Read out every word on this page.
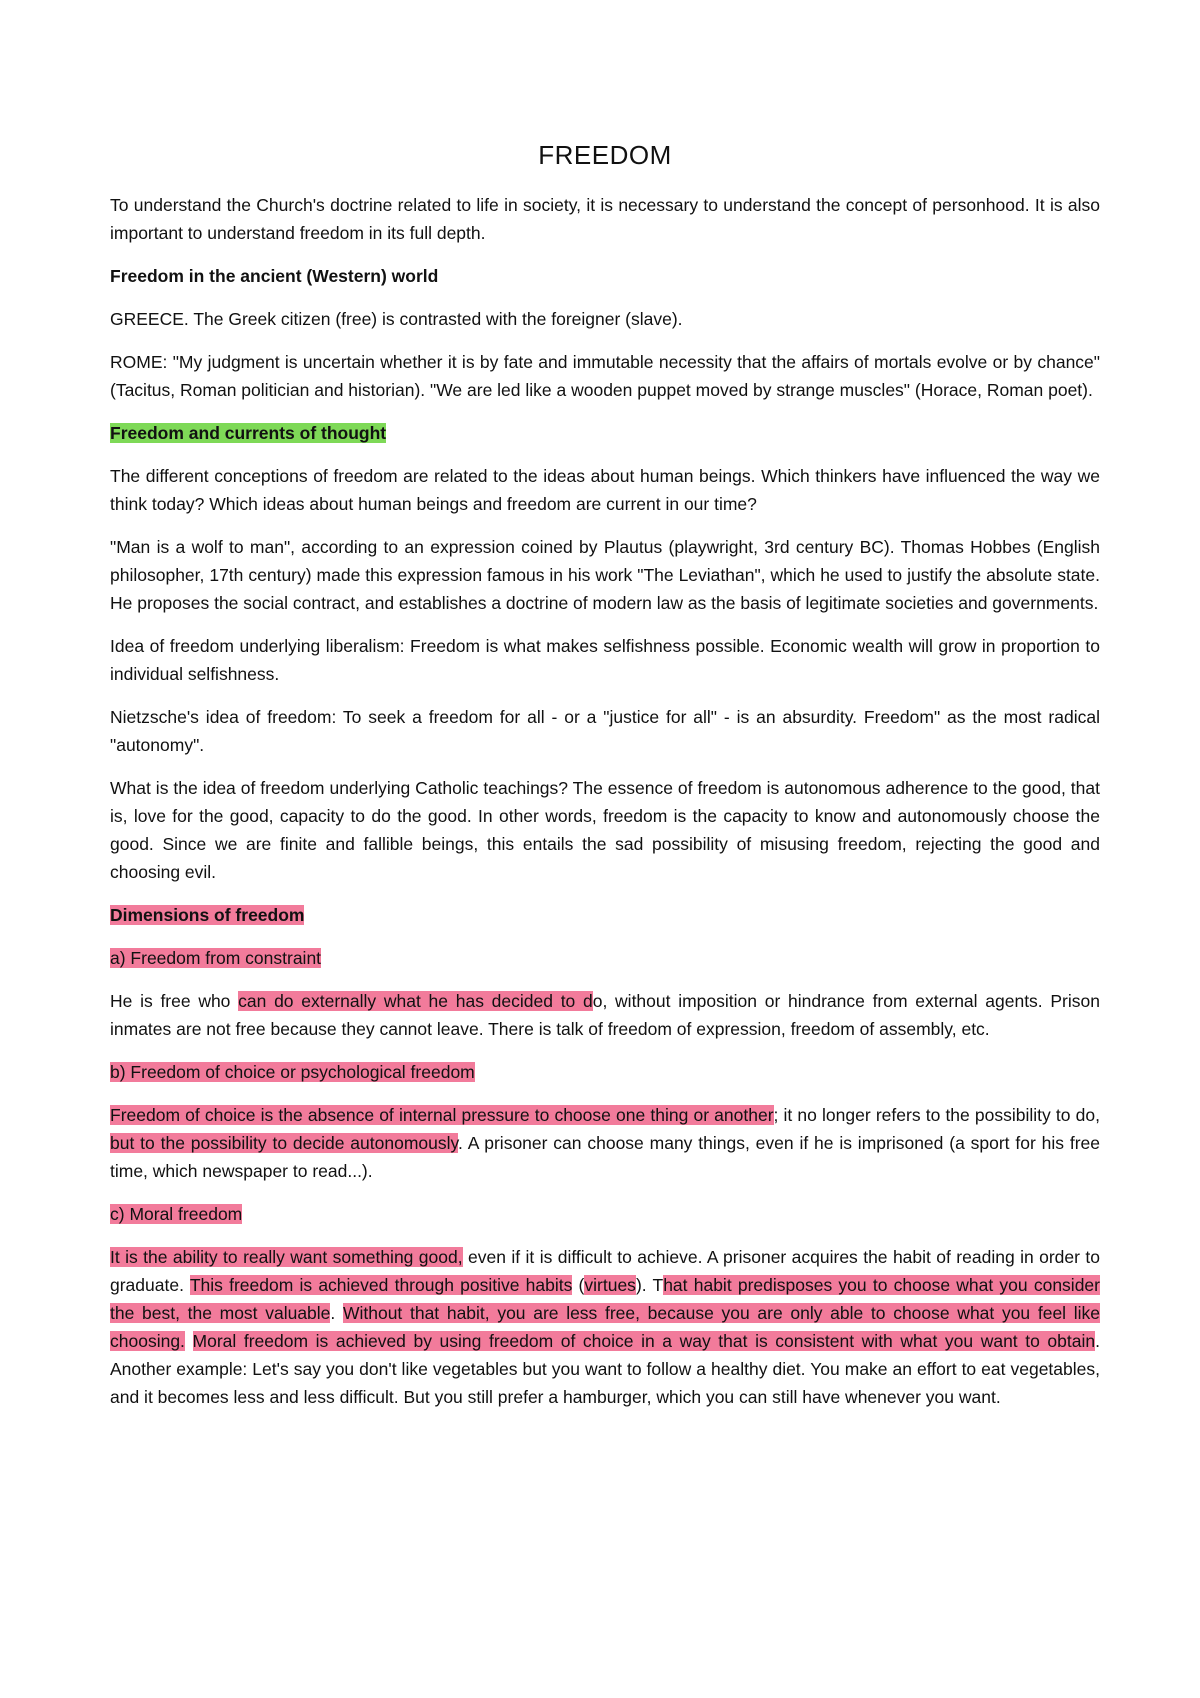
FREEDOM

To understand the Church's doctrine related to life in society, it is necessary to understand the concept of personhood. It is also important to understand freedom in its full depth.

Freedom in the ancient (Western) world

GREECE. The Greek citizen (free) is contrasted with the foreigner (slave).

ROME: "My judgment is uncertain whether it is by fate and immutable necessity that the affairs of mortals evolve or by chance" (Tacitus, Roman politician and historian). "We are led like a wooden puppet moved by strange muscles" (Horace, Roman poet).

Freedom and currents of thought

The different conceptions of freedom are related to the ideas about human beings. Which thinkers have influenced the way we think today? Which ideas about human beings and freedom are current in our time?

"Man is a wolf to man", according to an expression coined by Plautus (playwright, 3rd century BC). Thomas Hobbes (English philosopher, 17th century) made this expression famous in his work "The Leviathan", which he used to justify the absolute state. He proposes the social contract, and establishes a doctrine of modern law as the basis of legitimate societies and governments.

Idea of freedom underlying liberalism: Freedom is what makes selfishness possible. Economic wealth will grow in proportion to individual selfishness.

Nietzsche's idea of freedom: To seek a freedom for all - or a "justice for all" - is an absurdity. Freedom" as the most radical "autonomy".

What is the idea of freedom underlying Catholic teachings? The essence of freedom is autonomous adherence to the good, that is, love for the good, capacity to do the good. In other words, freedom is the capacity to know and autonomously choose the good. Since we are finite and fallible beings, this entails the sad possibility of misusing freedom, rejecting the good and choosing evil.

Dimensions of freedom

a) Freedom from constraint

He is free who can do externally what he has decided to do, without imposition or hindrance from external agents. Prison inmates are not free because they cannot leave. There is talk of freedom of expression, freedom of assembly, etc.

b) Freedom of choice or psychological freedom

Freedom of choice is the absence of internal pressure to choose one thing or another; it no longer refers to the possibility to do, but to the possibility to decide autonomously. A prisoner can choose many things, even if he is imprisoned (a sport for his free time, which newspaper to read...).

c) Moral freedom

It is the ability to really want something good, even if it is difficult to achieve. A prisoner acquires the habit of reading in order to graduate. This freedom is achieved through positive habits (virtues). That habit predisposes you to choose what you consider the best, the most valuable. Without that habit, you are less free, because you are only able to choose what you feel like choosing. Moral freedom is achieved by using freedom of choice in a way that is consistent with what you want to obtain. Another example: Let's say you don't like vegetables but you want to follow a healthy diet. You make an effort to eat vegetables, and it becomes less and less difficult. But you still prefer a hamburger, which you can still have whenever you want.
